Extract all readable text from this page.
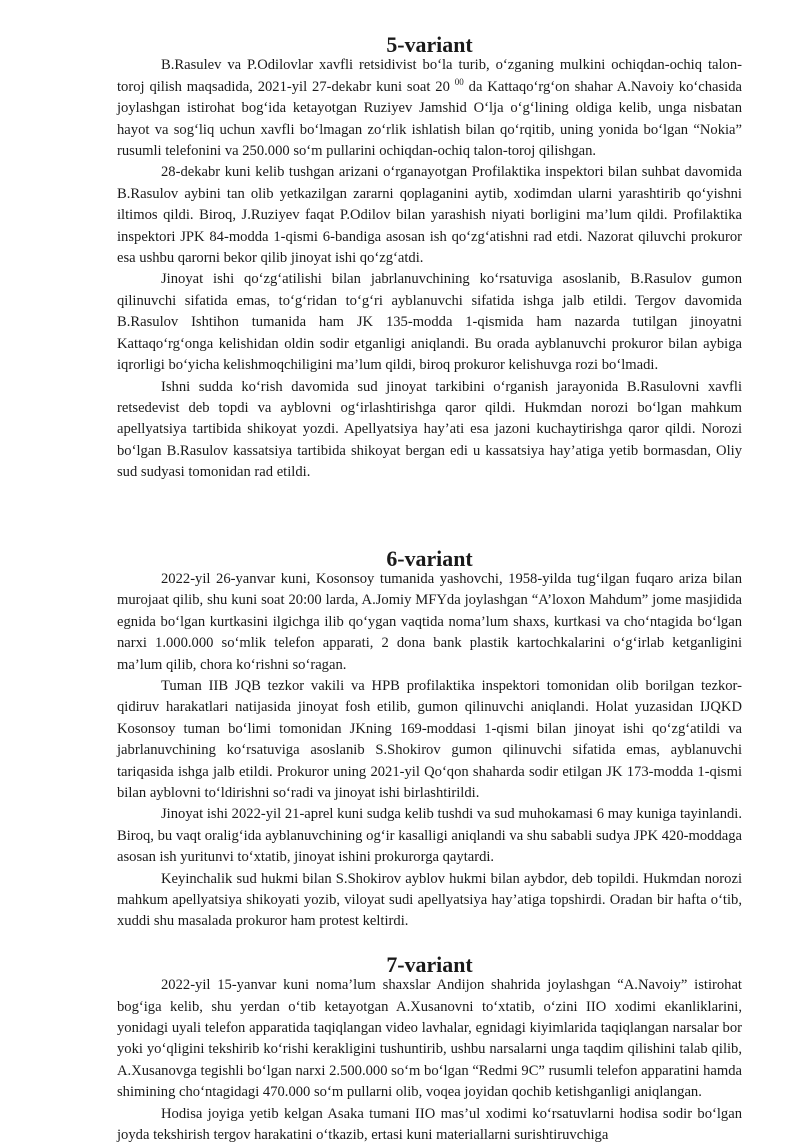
5-variant

B.Rasulev va P.Odilovlar xavfli retsidivist bo‘la turib, o‘zganing mulkini ochiqdan-ochiq talon-toroj qilish maqsadida, 2021-yil 27-dekabr kuni soat 20 $^{00}$ da Kattaqo‘rg‘on shahar A.Navoiy ko‘chasida joylashgan istirohat bog‘ida ketayotgan Ruziyev Jamshid O‘lja o‘g‘lining oldiga kelib, unga nisbatan hayot va sog‘liq uchun xavfli bo‘lmagan zo‘rlik ishlatish bilan qo‘rqitib, uning yonida bo‘lgan “Nokia” rusumli telefonini va 250.000 so‘m pullarini ochiqdan-ochiq talon-toroj qilishgan.

28-dekabr kuni kelib tushgan arizani o‘rganayotgan Profilaktika inspektori bilan suhbat davomida B.Rasulov aybini tan olib yetkazilgan zararni qoplaganini aytib, xodimdan ularni yarashtirib qo‘yishni iltimos qildi. Biroq, J.Ruziyev faqat P.Odilov bilan yarashish niyati borligini ma’lum qildi. Profilaktika inspektori JPK 84-modda 1-qismi 6-bandiga asosan ish qo‘zg‘atishni rad etdi. Nazorat qiluvchi prokuror esa ushbu qarorni bekor qilib jinoyat ishi qo‘zg‘atdi.

Jinoyat ishi qo‘zg‘atilishi bilan jabrlanuvchining ko‘rsatuviga asoslanib, B.Rasulov gumon qilinuvchi sifatida emas, to‘g‘ridan to‘g‘ri ayblanuvchi sifatida ishga jalb etildi. Tergov davomida B.Rasulov Ishtihon tumanida ham JK 135-modda 1-qismida ham nazarda tutilgan jinoyatni Kattaqo‘rg‘onga kelishidan oldin sodir etganligi aniqlandi. Bu orada ayblanuvchi prokuror bilan aybiga iqrorligi bo‘yicha kelishmoqchiligini ma’lum qildi, biroq prokuror kelishuvga rozi bo‘lmadi.

Ishni sudda ko‘rish davomida sud jinoyat tarkibini o‘rganish jarayonida B.Rasulovni xavfli retsedevist deb topdi va ayblovni og‘irlashtirishga qaror qildi. Hukmdan norozi bo‘lgan mahkum apellyatsiya tartibida shikoyat yozdi. Apellyatsiya hay’ati esa jazoni kuchaytirishga qaror qildi. Norozi bo‘lgan B.Rasulov kassatsiya tartibida shikoyat bergan edi u kassatsiya hay’atiga yetib bormasdan, Oliy sud sudyasi tomonidan rad etildi.

6-variant

2022-yil 26-yanvar kuni, Kosonsoy tumanida yashovchi, 1958-yilda tug‘ilgan fuqaro ariza bilan murojaat qilib, shu kuni soat 20:00 larda, A.Jomiy MFYda joylashgan “A’loxon Mahdum” jome masjidida egnida bo‘lgan kurtkasini ilgichga ilib qo‘ygan vaqtida noma’lum shaxs, kurtkasi va cho‘ntagida bo‘lgan narxi 1.000.000 so‘mlik telefon apparati, 2 dona bank plastik kartochkalarini o‘g‘irlab ketganligini ma’lum qilib, chora ko‘rishni so‘ragan.

Tuman IIB JQB tezkor vakili va HPB profilaktika inspektori tomonidan olib borilgan tezkor-qidiruv harakatlari natijasida jinoyat fosh etilib, gumon qilinuvchi aniqlandi. Holat yuzasidan IJQKD Kosonsoy tuman bo‘limi tomonidan JKning 169-moddasi 1-qismi bilan jinoyat ishi qo‘zg‘atildi va jabrlanuvchining ko‘rsatuviga asoslanib S.Shokirov gumon qilinuvchi sifatida emas, ayblanuvchi tariqasida ishga jalb etildi. Prokuror uning 2021-yil Qo‘qon shaharda sodir etilgan JK 173-modda 1-qismi bilan ayblovni to‘ldirishni so‘radi va jinoyat ishi birlashtirildi.

Jinoyat ishi 2022-yil 21-aprel kuni sudga kelib tushdi va sud muhokamasi 6 may kuniga tayinlandi. Biroq, bu vaqt oralig‘ida ayblanuvchining og‘ir kasalligi aniqlandi va shu sababli sudya JPK 420-moddaga asosan ish yuritunvi to‘xtatib, jinoyat ishini prokurorga qaytardi.

Keyinchalik sud hukmi bilan S.Shokirov ayblov hukmi bilan aybdor, deb topildi. Hukmdan norozi mahkum apellyatsiya shikoyati yozib, viloyat sudi apellyatsiya hay’atiga topshirdi. Oradan bir hafta o‘tib, xuddi shu masalada prokuror ham protest keltirdi.

7-variant

2022-yil 15-yanvar kuni noma’lum shaxslar Andijon shahrida joylashgan “A.Navoiy” istirohat bog‘iga kelib, shu yerdan o‘tib ketayotgan A.Xusanovni to‘xtatib, o‘zini IIO xodimi ekanliklarini, yonidagi uyali telefon apparatida taqiqlangan video lavhalar, egnidagi kiyimlarida taqiqlangan narsalar bor yoki yo‘qligini tekshirib ko‘rishi kerakligini tushuntirib, ushbu narsalarni unga taqdim qilishini talab qilib, A.Xusanovga tegishli bo‘lgan narxi 2.500.000 so‘m bo‘lgan “Redmi 9C” rusumli telefon apparatini hamda shimining cho‘ntagidagi 470.000 so‘m pullarni olib, voqea joyidan qochib ketishganligi aniqlangan.

Hodisa joyiga yetib kelgan Asaka tumani IIO mas’ul xodimi ko‘rsatuvlarni hodisa sodir bo‘lgan joyda tekshirish tergov harakatini o‘tkazib, ertasi kuni materiallarni surishtiruvchiga
